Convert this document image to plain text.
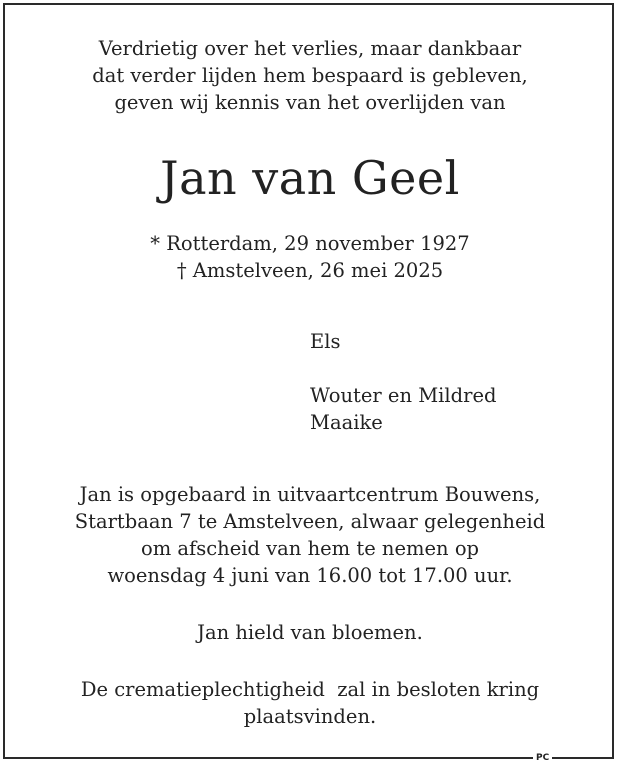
Verdrietig over het verlies, maar dankbaar
dat verder lijden hem bespaard is gebleven,
geven wij kennis van het overlijden van
Jan van Geel
* Rotterdam, 29 november 1927
† Amstelveen, 26 mei 2025
Els
Wouter en Mildred
Maaike
Jan is opgebaard in uitvaartcentrum Bouwens,
Startbaan 7 te Amstelveen, alwaar gelegenheid
om afscheid van hem te nemen op
woensdag 4 juni van 16.00 tot 17.00 uur.
Jan hield van bloemen.
De crematieplechtigheid  zal in besloten kring
plaatsvinden.
PC
